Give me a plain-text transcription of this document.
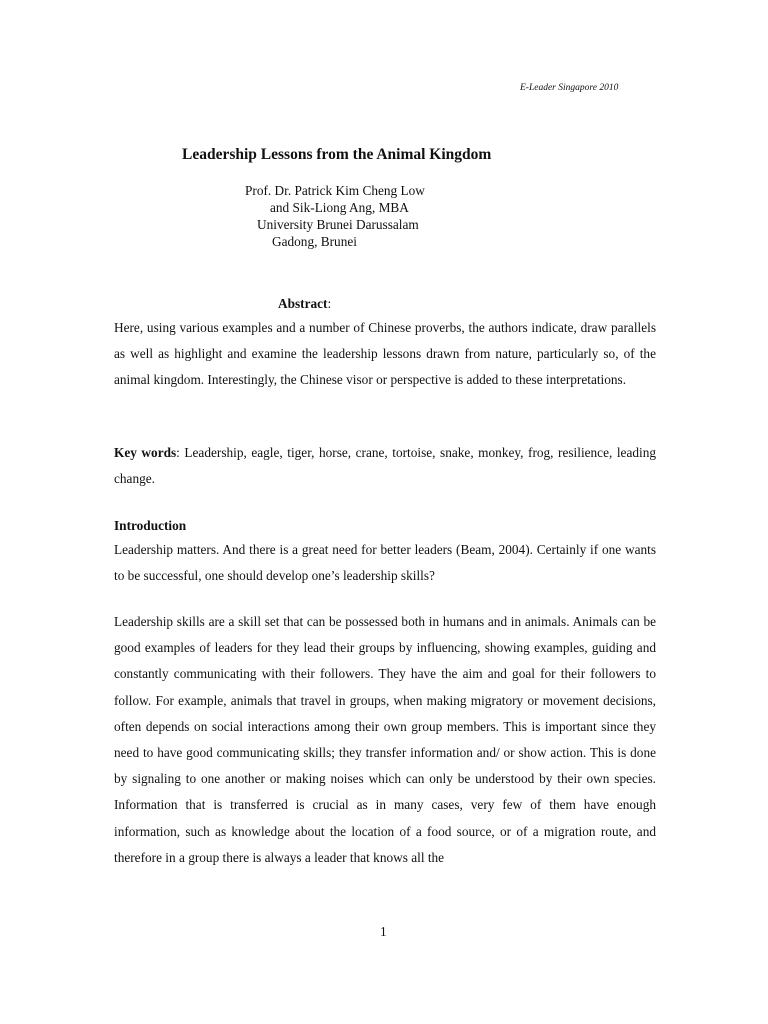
E-Leader Singapore 2010
Leadership Lessons from the Animal Kingdom
Prof. Dr. Patrick Kim Cheng Low
and Sik-Liong Ang, MBA
University Brunei Darussalam
Gadong, Brunei
Abstract:

Here, using various examples and a number of Chinese proverbs, the authors indicate, draw parallels as well as highlight and examine the leadership lessons drawn from nature, particularly so, of the animal kingdom. Interestingly, the Chinese visor or perspective is added to these interpretations.

Key words: Leadership, eagle, tiger, horse, crane, tortoise, snake, monkey, frog, resilience, leading change.

Introduction

Leadership matters. And there is a great need for better leaders (Beam, 2004). Certainly if one wants to be successful, one should develop one’s leadership skills?

Leadership skills are a skill set that can be possessed both in humans and in animals. Animals can be good examples of leaders for they lead their groups by influencing, showing examples, guiding and constantly communicating with their followers. They have the aim and goal for their followers to follow. For example, animals that travel in groups, when making migratory or movement decisions, often depends on social interactions among their own group members. This is important since they need to have good communicating skills; they transfer information and/ or show action. This is done by signaling to one another or making noises which can only be understood by their own species. Information that is transferred is crucial as in many cases, very few of them have enough information, such as knowledge about the location of a food source, or of a migration route, and therefore in a group there is always a leader that knows all the

1
